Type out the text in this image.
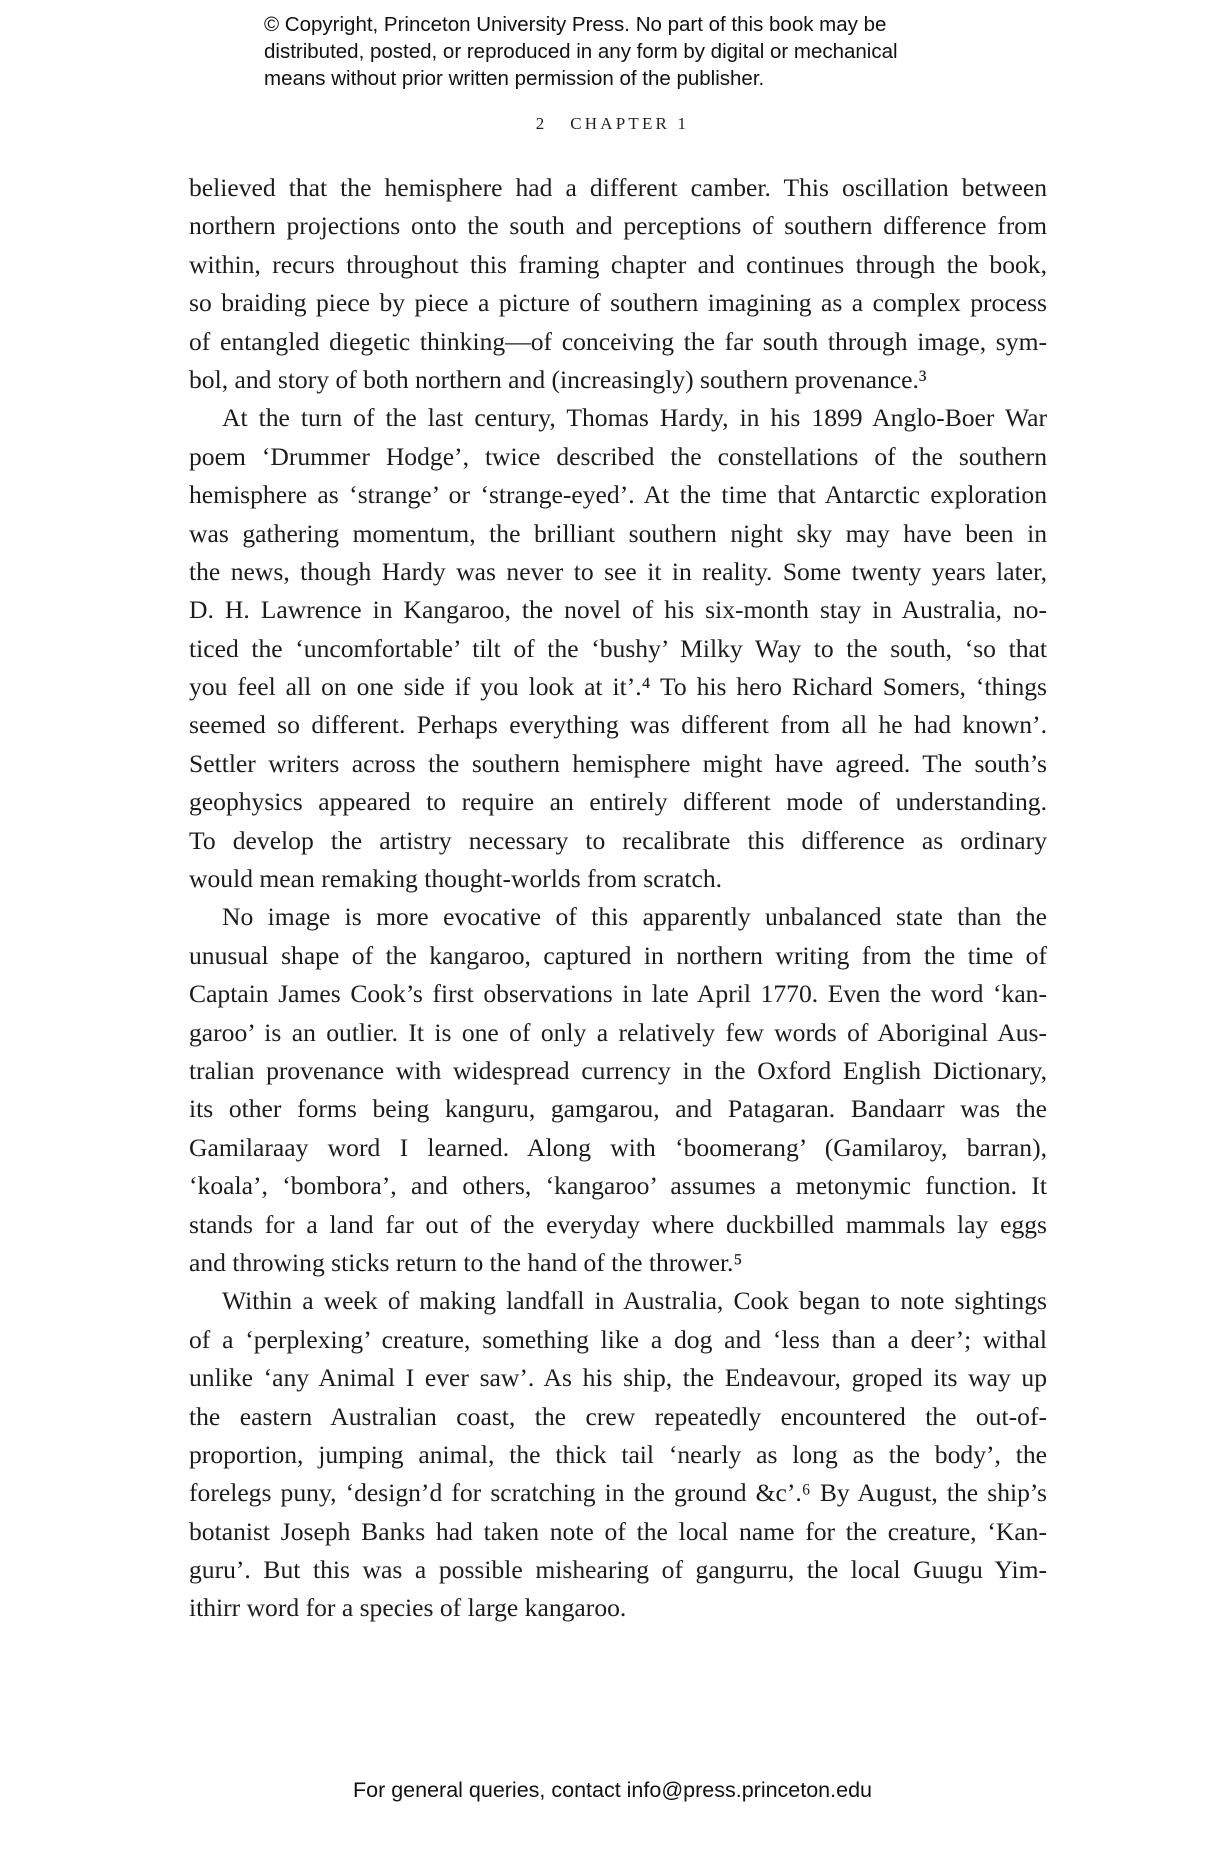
© Copyright, Princeton University Press. No part of this book may be
distributed, posted, or reproduced in any form by digital or mechanical
means without prior written permission of the publisher.
2 CHAPTER 1
believed that the hemisphere had a different camber. This oscillation between
northern projections onto the south and perceptions of southern difference from
within, recurs throughout this framing chapter and continues through the book,
so braiding piece by piece a picture of southern imagining as a complex process
of entangled diegetic thinking—of conceiving the far south through image, sym-
bol, and story of both northern and (increasingly) southern provenance.³
At the turn of the last century, Thomas Hardy, in his 1899 Anglo-Boer War
poem ‘Drummer Hodge’, twice described the constellations of the southern
hemisphere as ‘strange’ or ‘strange-eyed’. At the time that Antarctic exploration
was gathering momentum, the brilliant southern night sky may have been in
the news, though Hardy was never to see it in reality. Some twenty years later,
D. H. Lawrence in Kangaroo, the novel of his six-month stay in Australia, no-
ticed the ‘uncomfortable’ tilt of the ‘bushy’ Milky Way to the south, ‘so that
you feel all on one side if you look at it’.⁴ To his hero Richard Somers, ‘things
seemed so different. Perhaps everything was different from all he had known’.
Settler writers across the southern hemisphere might have agreed. The south’s
geophysics appeared to require an entirely different mode of understanding.
To develop the artistry necessary to recalibrate this difference as ordinary
would mean remaking thought-worlds from scratch.
No image is more evocative of this apparently unbalanced state than the
unusual shape of the kangaroo, captured in northern writing from the time of
Captain James Cook’s first observations in late April 1770. Even the word ‘kan-
garoo’ is an outlier. It is one of only a relatively few words of Aboriginal Aus-
tralian provenance with widespread currency in the Oxford English Dictionary,
its other forms being kanguru, gamgarou, and Patagaran. Bandaarr was the
Gamilaraay word I learned. Along with ‘boomerang’ (Gamilaroy, barran),
‘koala’, ‘bombora’, and others, ‘kangaroo’ assumes a metonymic function. It
stands for a land far out of the everyday where duckbilled mammals lay eggs
and throwing sticks return to the hand of the thrower.⁵
Within a week of making landfall in Australia, Cook began to note sightings
of a ‘perplexing’ creature, something like a dog and ‘less than a deer’; withal
unlike ‘any Animal I ever saw’. As his ship, the Endeavour, groped its way up
the eastern Australian coast, the crew repeatedly encountered the out-of-
proportion, jumping animal, the thick tail ‘nearly as long as the body’, the
forelegs puny, ‘design’d for scratching in the ground &c’.⁶ By August, the ship’s
botanist Joseph Banks had taken note of the local name for the creature, ‘Kan-
guru’. But this was a possible mishearing of gangurru, the local Guugu Yim-
ithirr word for a species of large kangaroo.
For general queries, contact info@press.princeton.edu
